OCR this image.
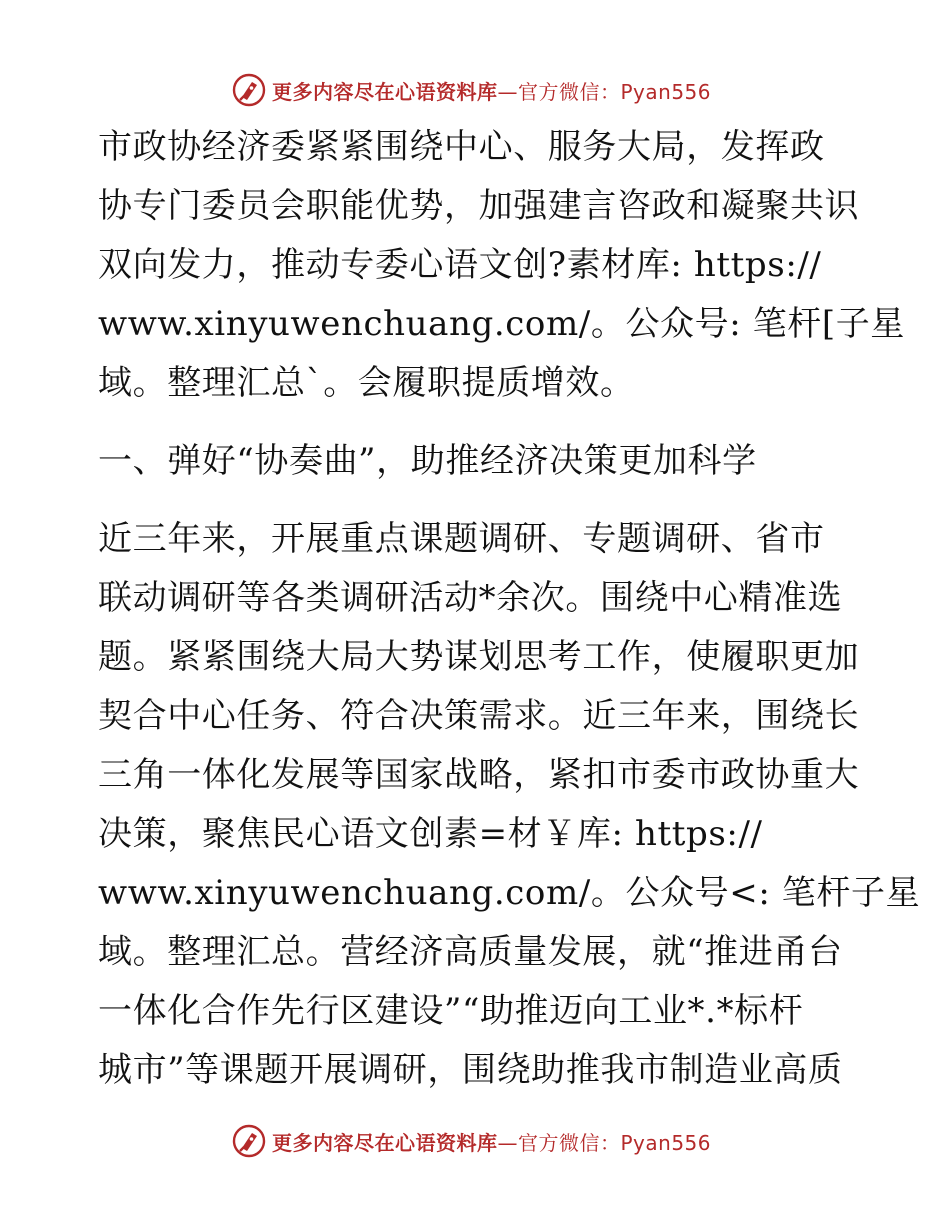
更多内容尽在心语资料库—官方微信：Pyan556
市政协经济委紧紧围绕中心、服务大局，发挥政
协专门委员会职能优势，加强建言咨政和凝聚共识
双向发力，推动专委心语文创?素材库: https://
www.xinyuwenchuang.com/。公众号: 笔杆[子星
域。整理汇总`。会履职提质增效。
一、弹好“协奏曲”，助推经济决策更加科学
近三年来，开展重点课题调研、专题调研、省市
联动调研等各类调研活动*余次。围绕中心精准选
题。紧紧围绕大局大势谋划思考工作，使履职更加
契合中心任务、符合决策需求。近三年来，围绕长
三角一体化发展等国家战略，紧扣市委市政协重大
决策，聚焦民心语文创素=材￥库: https://
www.xinyuwenchuang.com/。公众号<: 笔杆子星
域。整理汇总。营经济高质量发展，就“推进甬台
一体化合作先行区建设”“助推迈向工业*.*标杆
城市”等课题开展调研，围绕助推我市制造业高质
更多内容尽在心语资料库—官方微信：Pyan556
